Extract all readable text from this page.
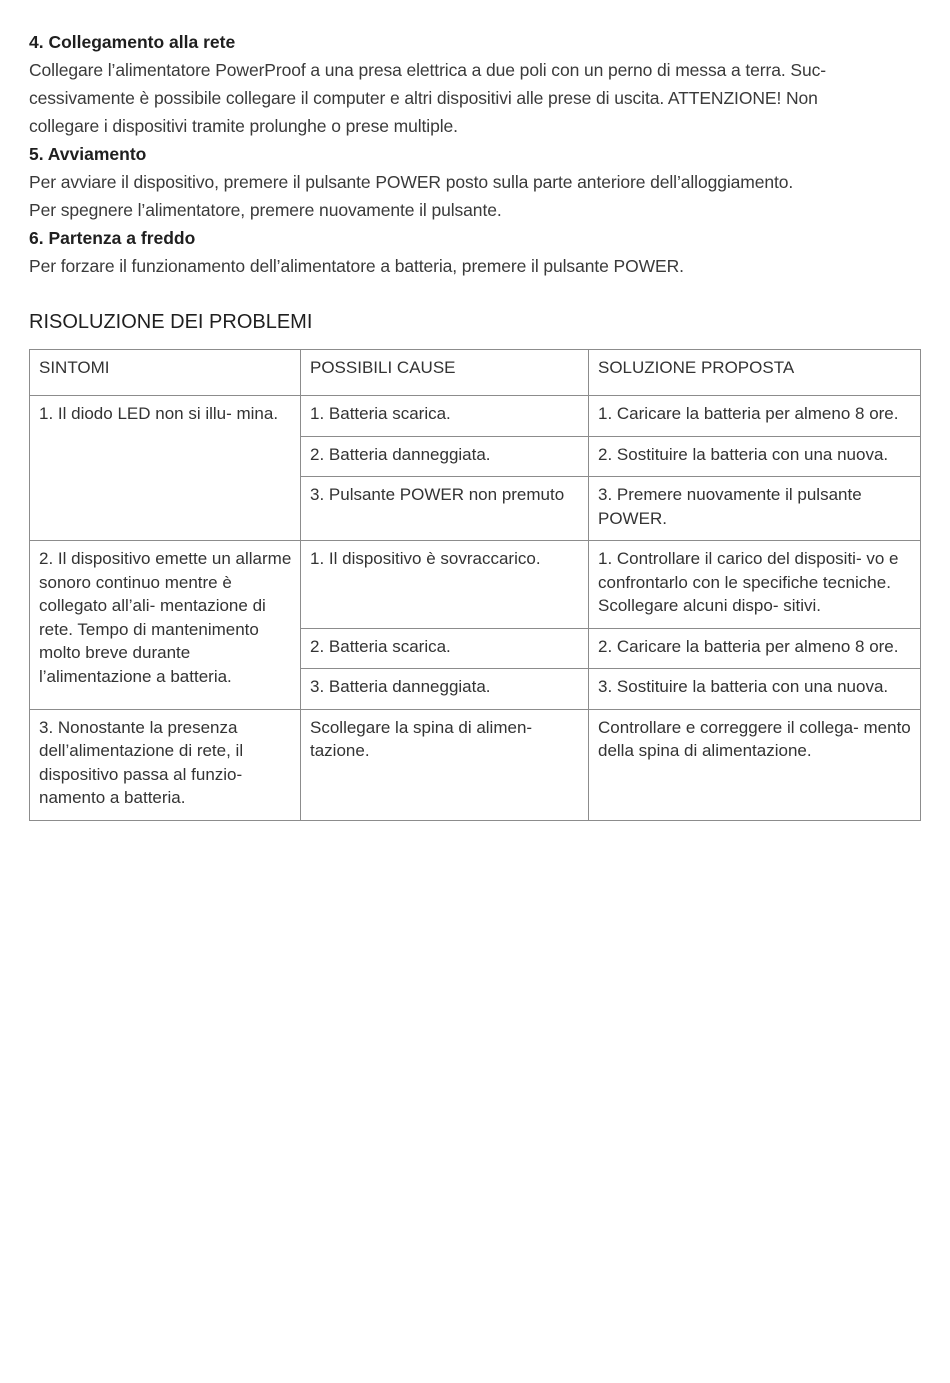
4. Collegamento alla rete
Collegare l’alimentatore PowerProof a una presa elettrica a due poli con un perno di messa a terra. Suc-
cessivamente è possibile collegare il computer e altri dispositivi alle prese di uscita. ATTENZIONE! Non
collegare i dispositivi tramite prolunghe o prese multiple.
5. Avviamento
Per avviare il dispositivo, premere il pulsante POWER posto sulla parte anteriore dell’alloggiamento.
Per spegnere l’alimentatore, premere nuovamente il pulsante.
6. Partenza a freddo
Per forzare il funzionamento dell’alimentatore a batteria, premere il pulsante POWER.
RISOLUZIONE DEI PROBLEMI
SINTOMI	POSSIBILI CAUSE	SOLUZIONE PROPOSTA
1. Il diodo LED non si illu- mina.	1. Batteria scarica.	1. Caricare la batteria per almeno 8 ore.
	2. Batteria danneggiata.	2. Sostituire la batteria con una nuova.
	3. Pulsante POWER non premuto	3. Premere nuovamente il pulsante POWER.
2. Il dispositivo emette un allarme sonoro continuo mentre è collegato all’ali- mentazione di rete. Tempo di mantenimento molto breve durante l’alimentazione a batteria.	1. Il dispositivo è sovraccarico.	1. Controllare il carico del dispositi- vo e confrontarlo con le specifiche tecniche. Scollegare alcuni dispo- sitivi.
	2. Batteria scarica.	2. Caricare la batteria per almeno 8 ore.
	3. Batteria danneggiata.	3. Sostituire la batteria con una nuova.
3. Nonostante la presenza dell’alimentazione di rete, il dispositivo passa al funzio- namento a batteria.	Scollegare la spina di alimen- tazione.	Controllare e correggere il collega- mento della spina di alimentazione.
